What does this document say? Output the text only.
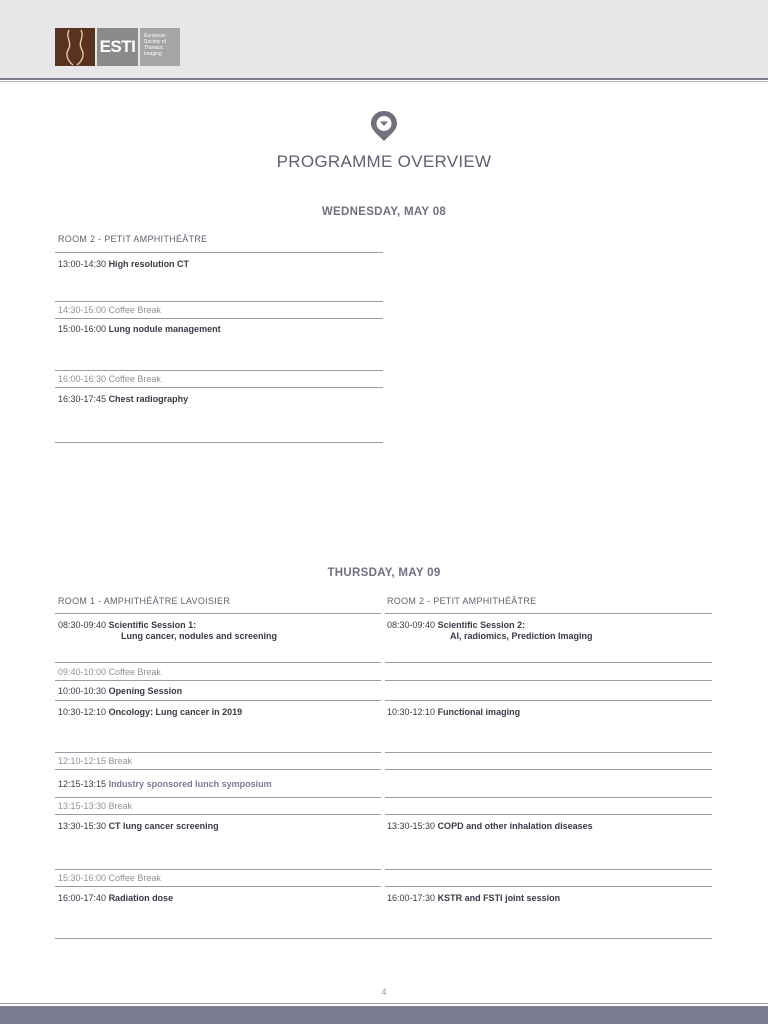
ESTI
European
Society of
Thoracic
Imaging
PROGRAMME OVERVIEW
WEDNESDAY, MAY 08
ROOM 2 - PETIT AMPHITHÉÂTRE
13:00-14:30 High resolution CT
14:30-15:00 Coffee Break
15:00-16:00 Lung nodule management
16:00-16:30 Coffee Break
16:30-17:45 Chest radiography
THURSDAY, MAY 09
ROOM 1 - AMPHITHÉÂTRE LAVOISIER	ROOM 2 - PETIT AMPHITHÉÂTRE
08:30-09:40 Scientific Session 1:
Lung cancer, nodules and screening
09:40-10:00 Coffee Break
10:00-10:30 Opening Session
10:30-12:10 Oncology: Lung cancer in 2019
12:10-12:15 Break
12:15-13:15 Industry sponsored lunch symposium
13:15-13:30 Break
13:30-15:30 CT lung cancer screening
15:30-16:00 Coffee Break
16:00-17:40 Radiation dose
08:30-09:40 Scientific Session 2:
AI, radiomics, Prediction Imaging
10:30-12:10 Functional imaging
13:30-15:30 COPD and other inhalation diseases
16:00-17:30 KSTR and FSTI joint session
4
